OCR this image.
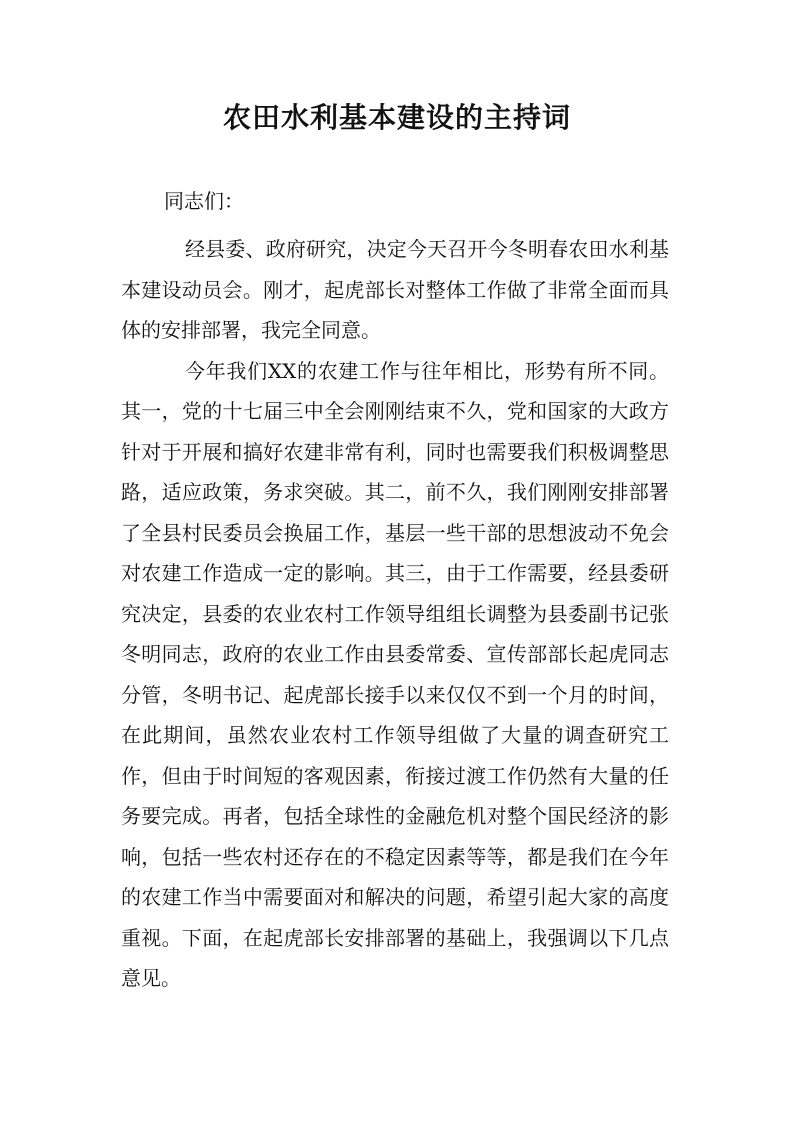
农田水利基本建设的主持词

同志们：

经县委、政府研究，决定今天召开今冬明春农田水利基本建设动员会。刚才，起虎部长对整体工作做了非常全面而具体的安排部署，我完全同意。

今年我们XX的农建工作与往年相比，形势有所不同。其一，党的十七届三中全会刚刚结束不久，党和国家的大政方针对于开展和搞好农建非常有利，同时也需要我们积极调整思路，适应政策，务求突破。其二，前不久，我们刚刚安排部署了全县村民委员会换届工作，基层一些干部的思想波动不免会对农建工作造成一定的影响。其三，由于工作需要，经县委研究决定，县委的农业农村工作领导组组长调整为县委副书记张冬明同志，政府的农业工作由县委常委、宣传部部长起虎同志分管，冬明书记、起虎部长接手以来仅仅不到一个月的时间，在此期间，虽然农业农村工作领导组做了大量的调查研究工作，但由于时间短的客观因素，衔接过渡工作仍然有大量的任务要完成。再者，包括全球性的金融危机对整个国民经济的影响，包括一些农村还存在的不稳定因素等等，都是我们在今年的农建工作当中需要面对和解决的问题，希望引起大家的高度重视。下面，在起虎部长安排部署的基础上，我强调以下几点意见。
